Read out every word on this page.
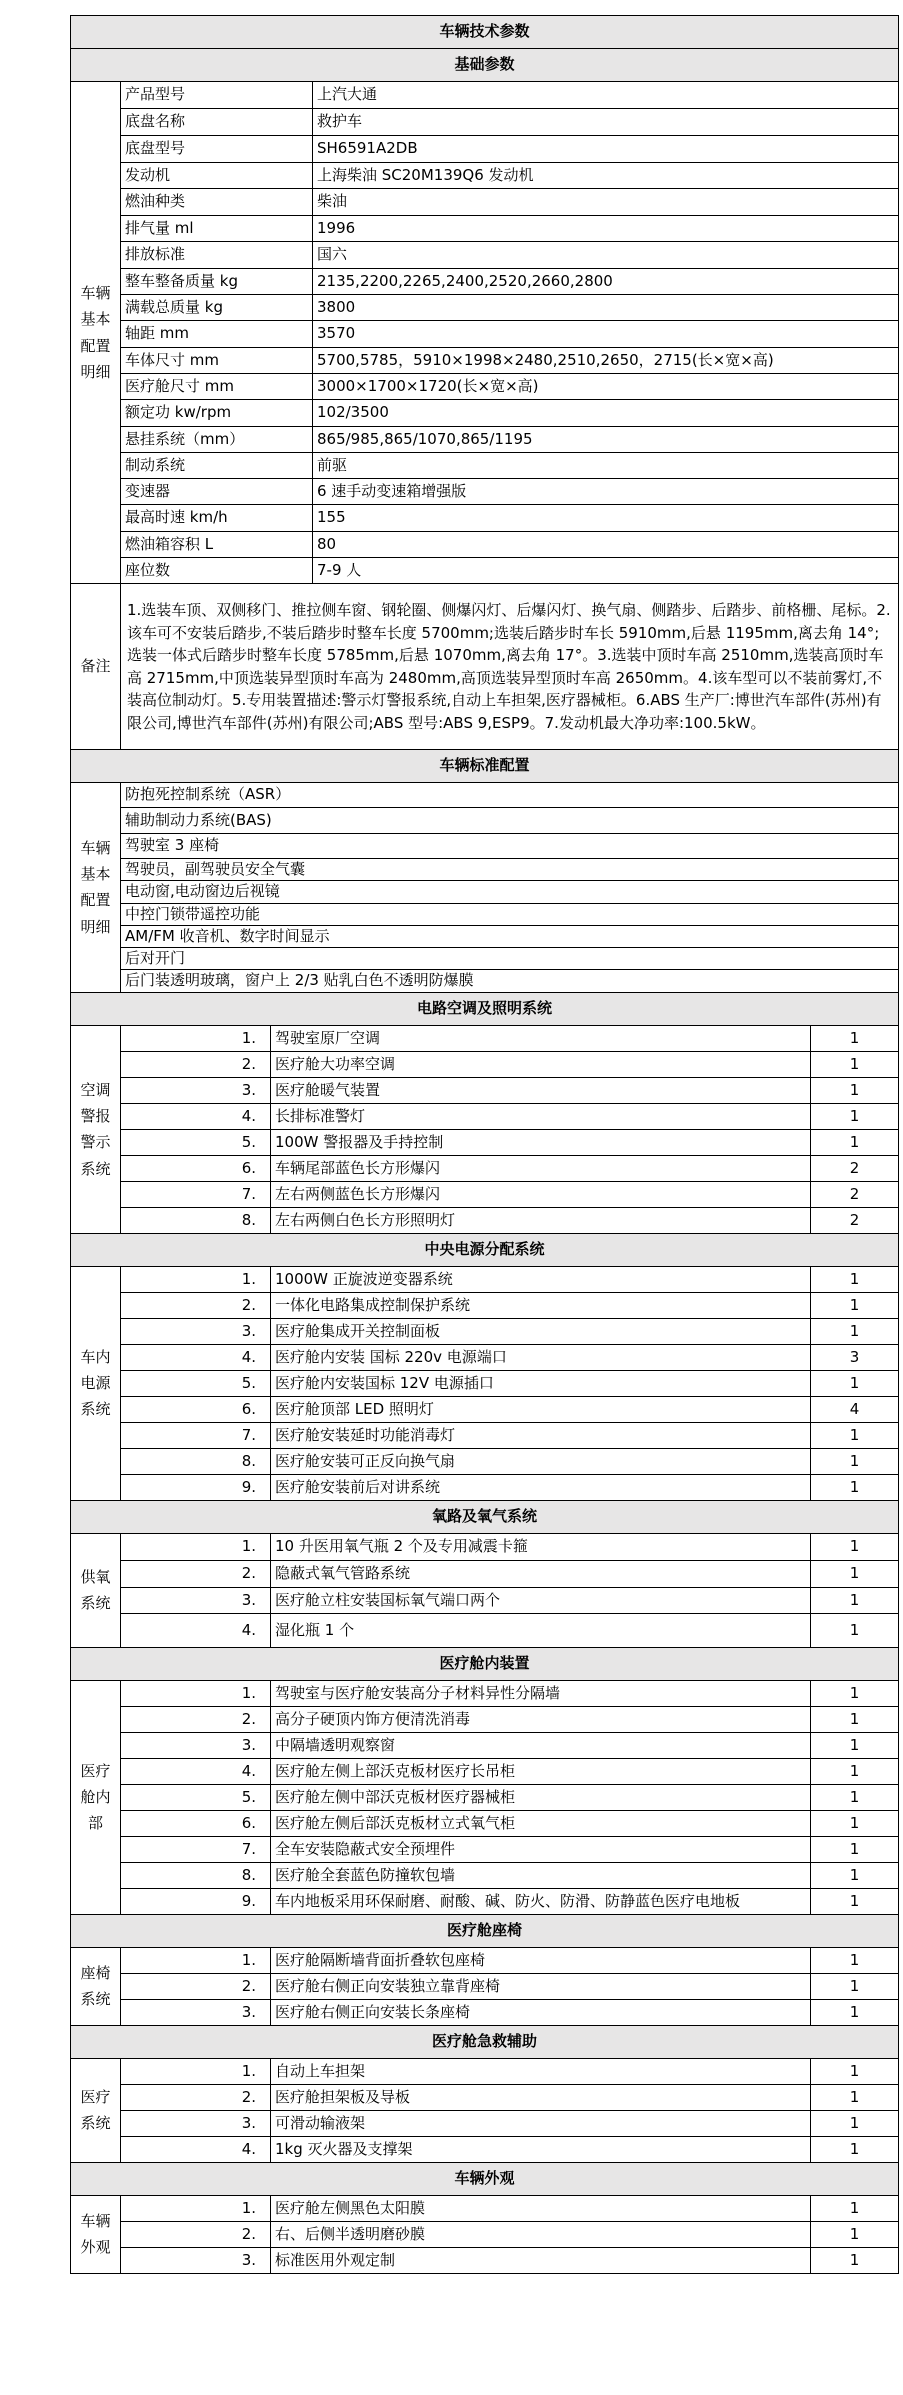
车辆技术参数				
基础参数				
车辆
基本
配置
明细	产品型号		上汽大通	
	底盘名称		救护车	
	底盘型号		SH6591A2DB	
	发动机		上海柴油 SC20M139Q6 发动机	
	燃油种类		柴油	
	排气量 ml		1996	
	排放标准		国六	
	整车整备质量 kg		2135,2200,2265,2400,2520,2660,2800	
	满载总质量 kg		3800	
	轴距 mm		3570	
	车体尺寸 mm		5700,5785，5910×1998×2480,2510,2650，2715(长×宽×高)	
	医疗舱尺寸 mm		3000×1700×1720(长×宽×高)	
	额定功 kw/rpm		102/3500	
	悬挂系统（mm）		865/985,865/1070,865/1195	
	制动系统		前驱	
	变速器		6 速手动变速箱增强版	
	最高时速 km/h		155	
	燃油箱容积 L		80	
	座位数		7-9 人	
备注	1.选装车顶、双侧移门、推拉侧车窗、钢轮圈、侧爆闪灯、后爆闪灯、换气扇、侧踏步、后踏步、前格栅、尾标。2.该车可不安装后踏步,不装后踏步时整车长度 5700mm;选装后踏步时车长 5910mm,后悬 1195mm,离去角 14°;选装一体式后踏步时整车长度 5785mm,后悬 1070mm,离去角 17°。3.选装中顶时车高 2510mm,选装高顶时车高 2715mm,中顶选装异型顶时车高为 2480mm,高顶选装异型顶时车高 2650mm。4.该车型可以不装前雾灯,不装高位制动灯。5.专用装置描述:警示灯警报系统,自动上车担架,医疗器械柜。6.ABS 生产厂:博世汽车部件(苏州)有限公司,博世汽车部件(苏州)有限公司;ABS 型号:ABS 9,ESP9。7.发动机最大净功率:100.5kW。			
车辆标准配置				
车辆
基本
配置
明细	防抱死控制系统（ASR）			
	辅助制动力系统(BAS)			
	驾驶室 3 座椅			
	驾驶员，副驾驶员安全气囊			
	电动窗,电动窗边后视镜			
	中控门锁带遥控功能			
	AM/FM 收音机、数字时间显示			
	后对开门			
	后门装透明玻璃，窗户上 2/3 贴乳白色不透明防爆膜			
电路空调及照明系统				
空调
警报
警示
系统	1.	驾驶室原厂空调		1
	2.	医疗舱大功率空调		1
	3.	医疗舱暖气装置		1
	4.	长排标准警灯		1
	5.	100W 警报器及手持控制		1
	6.	车辆尾部蓝色长方形爆闪		2
	7.	左右两侧蓝色长方形爆闪		2
	8.	左右两侧白色长方形照明灯		2
中央电源分配系统				
车内
电源
系统	1.	1000W 正旋波逆变器系统		1
	2.	一体化电路集成控制保护系统		1
	3.	医疗舱集成开关控制面板		1
	4.	医疗舱内安装 国标 220v 电源端口		3
	5.	医疗舱内安装国标 12V 电源插口		1
	6.	医疗舱顶部 LED 照明灯		4
	7.	医疗舱安装延时功能消毒灯		1
	8.	医疗舱安装可正反向换气扇		1
	9.	医疗舱安装前后对讲系统		1
氧路及氧气系统				
供氧
系统	1.	10 升医用氧气瓶 2 个及专用减震卡箍		1
	2.	隐蔽式氧气管路系统		1
	3.	医疗舱立柱安装国标氧气端口两个		1
	4.	湿化瓶 1 个		1
医疗舱内装置				
医疗
舱内
部	1.	驾驶室与医疗舱安装高分子材料异性分隔墙		1
	2.	高分子硬顶内饰方便清洗消毒		1
	3.	中隔墙透明观察窗		1
	4.	医疗舱左侧上部沃克板材医疗长吊柜		1
	5.	医疗舱左侧中部沃克板材医疗器械柜		1
	6.	医疗舱左侧后部沃克板材立式氧气柜		1
	7.	全车安装隐蔽式安全预埋件		1
	8.	医疗舱全套蓝色防撞软包墙		1
	9.	车内地板采用环保耐磨、耐酸、碱、防火、防滑、防静蓝色医疗电地板		1
医疗舱座椅				
座椅
系统	1.	医疗舱隔断墙背面折叠软包座椅		1
	2.	医疗舱右侧正向安装独立靠背座椅		1
	3.	医疗舱右侧正向安装长条座椅		1
医疗舱急救辅助				
医疗
系统	1.	自动上车担架		1
	2.	医疗舱担架板及导板		1
	3.	可滑动输液架		1
	4.	1kg 灭火器及支撑架		1
车辆外观				
车辆
外观	1.	医疗舱左侧黑色太阳膜		1
	2.	右、后侧半透明磨砂膜		1
	3.	标准医用外观定制		1
